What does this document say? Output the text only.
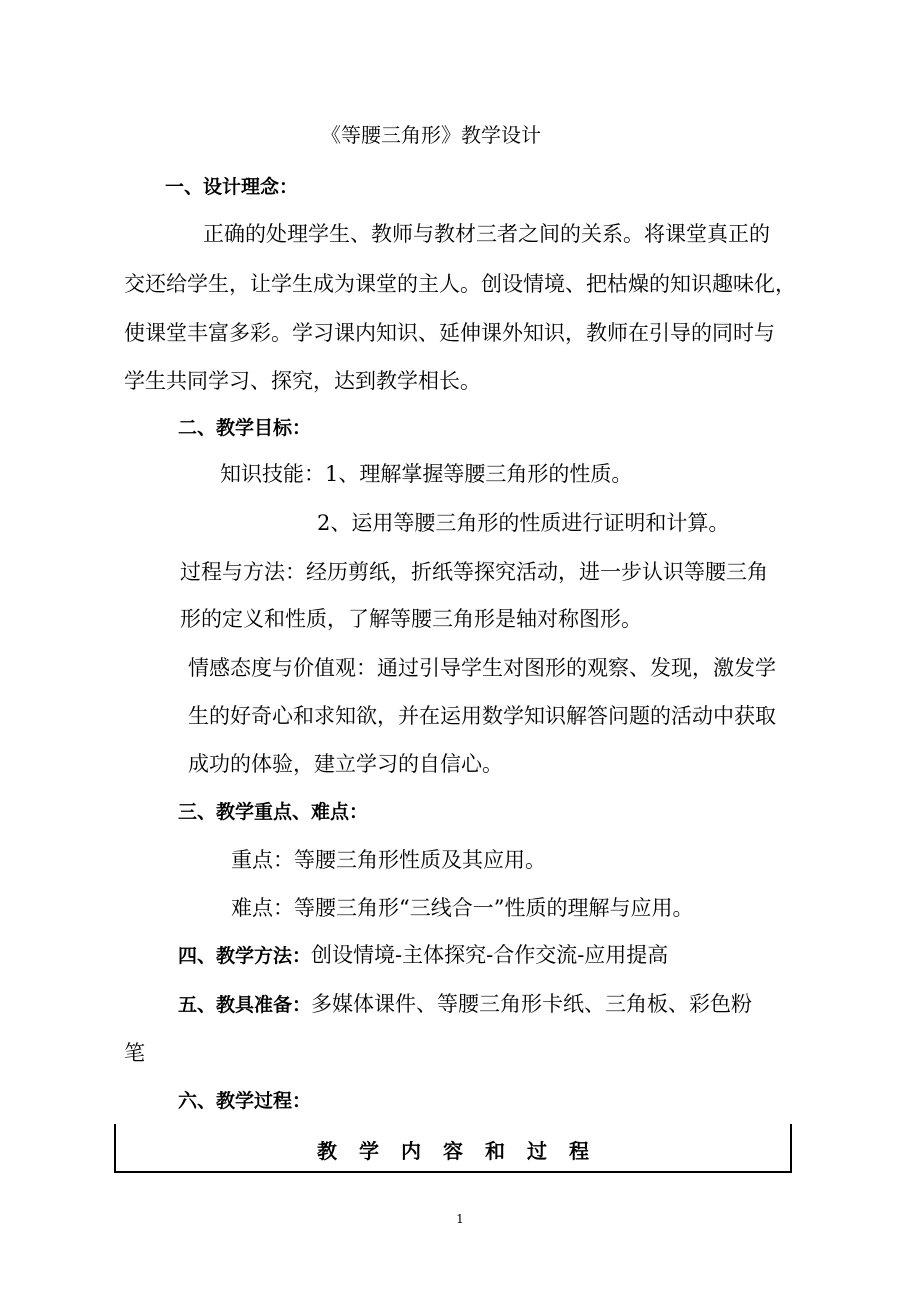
《等腰三角形》教学设计
一、设计理念：
正确的处理学生、教师与教材三者之间的关系。将课堂真正的
交还给学生，让学生成为课堂的主人。创设情境、把枯燥的知识趣味化，
使课堂丰富多彩。学习课内知识、延伸课外知识，教师在引导的同时与
学生共同学习、探究，达到教学相长。
二、教学目标：
知识技能：1、理解掌握等腰三角形的性质。
2、运用等腰三角形的性质进行证明和计算。
过程与方法：经历剪纸，折纸等探究活动，进一步认识等腰三角
形的定义和性质，了解等腰三角形是轴对称图形。
情感态度与价值观：通过引导学生对图形的观察、发现，激发学
生的好奇心和求知欲，并在运用数学知识解答问题的活动中获取
成功的体验，建立学习的自信心。
三、教学重点、难点：
重点：等腰三角形性质及其应用。
难点：等腰三角形“三线合一”性质的理解与应用。
四、教学方法：创设情境-主体探究-合作交流-应用提高
五、教具准备：多媒体课件、等腰三角形卡纸、三角板、彩色粉
笔
六、教学过程：
教学内容和过程
1
